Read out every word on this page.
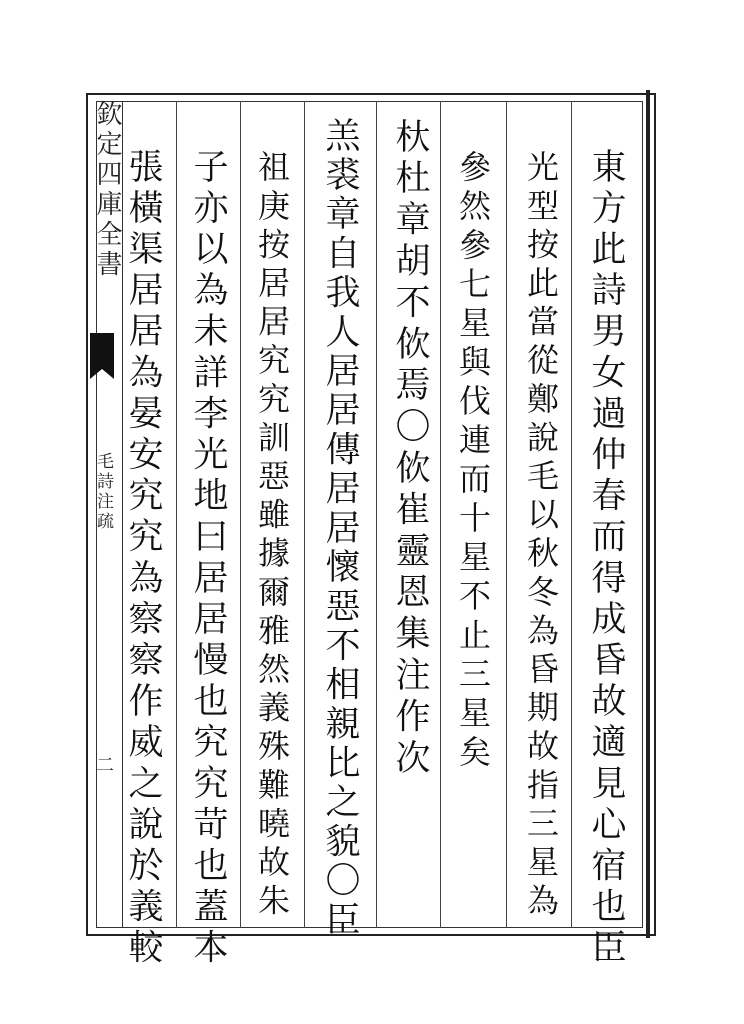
欽定四庫全書
毛詩注疏
二	東方此詩男女過仲春而得成昏故適見心宿也臣
光型按此當從鄭說毛以秋冬為昏期故指三星為
參然參七星與伐連而十星不止三星矣
杕杜章胡不佽焉〇佽崔靈恩集注作次
羔裘章自我人居居傳居居懷惡不相親比之貌〇臣
祖庚按居居究究訓惡雖據爾雅然義殊難曉故朱
子亦以為未詳李光地曰居居慢也究究苛也蓋本
張橫渠居居為晏安究究為察察作威之說於義較
